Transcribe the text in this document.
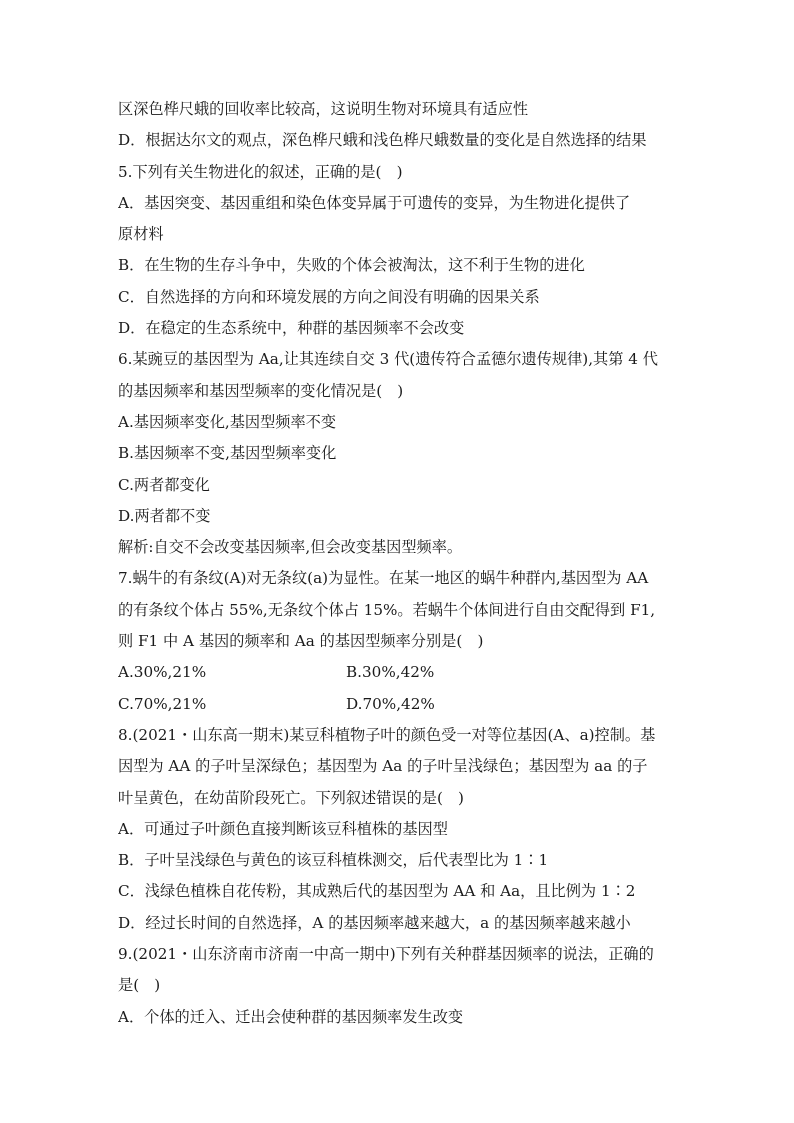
区深色桦尺蛾的回收率比较高，这说明生物对环境具有适应性
D．根据达尔文的观点，深色桦尺蛾和浅色桦尺蛾数量的变化是自然选择的结果
5.下列有关生物进化的叙述，正确的是(　)
A．基因突变、基因重组和染色体变异属于可遗传的变异，为生物进化提供了
原材料
B．在生物的生存斗争中，失败的个体会被淘汰，这不利于生物的进化
C．自然选择的方向和环境发展的方向之间没有明确的因果关系
D．在稳定的生态系统中，种群的基因频率不会改变
6.某豌豆的基因型为 Aa,让其连续自交 3 代(遗传符合孟德尔遗传规律),其第 4 代
的基因频率和基因型频率的变化情况是(　)
A.基因频率变化,基因型频率不变
B.基因频率不变,基因型频率变化
C.两者都变化
D.两者都不变
解析:自交不会改变基因频率,但会改变基因型频率。
7.蜗牛的有条纹(A)对无条纹(a)为显性。在某一地区的蜗牛种群内,基因型为 AA
的有条纹个体占 55%,无条纹个体占 15%。若蜗牛个体间进行自由交配得到 F1,
则 F1 中 A 基因的频率和 Aa 的基因型频率分别是(　)
A.30%,21%	B.30%,42%
C.70%,21%	D.70%,42%
8.(2021・山东高一期末)某豆科植物子叶的颜色受一对等位基因(A、a)控制。基
因型为 AA 的子叶呈深绿色；基因型为 Aa 的子叶呈浅绿色；基因型为 aa 的子
叶呈黄色，在幼苗阶段死亡。下列叙述错误的是(　)
A．可通过子叶颜色直接判断该豆科植株的基因型
B．子叶呈浅绿色与黄色的该豆科植株测交，后代表型比为 1∶1
C．浅绿色植株自花传粉，其成熟后代的基因型为 AA 和 Aa，且比例为 1∶2
D．经过长时间的自然选择，A 的基因频率越来越大，a 的基因频率越来越小
9.(2021・山东济南市济南一中高一期中)下列有关种群基因频率的说法，正确的
是(　)
A．个体的迁入、迁出会使种群的基因频率发生改变
